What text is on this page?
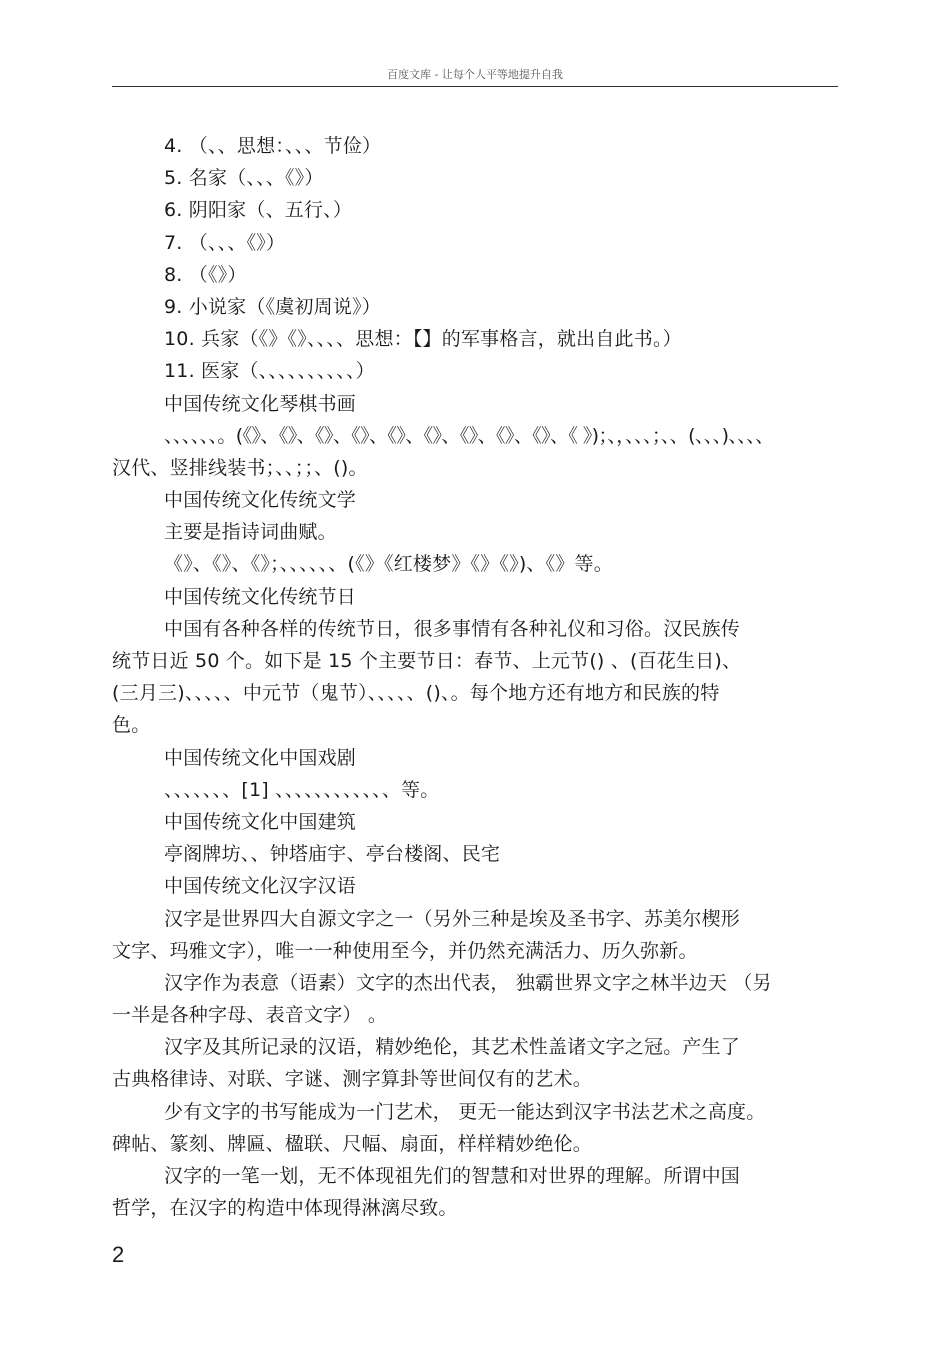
百度文库 - 让每个人平等地提升自我
4. （、、思想：、、、节俭）
5. 名家（、、、《》）
6. 阴阳家（、五行、）
7. （、、、《》）
8. （《》）
9. 小说家（《虞初周说》）
10. 兵家（《》《》、、、、思想：【】的军事格言，就出自此书。）
11. 医家（、、、、、、、、、、）
中国传统文化琴棋书画
、、、、、、。(《》、《》、《》、《》、《》、《》、《》、《》、《》、《 》)；、，、、、；、、(、、、)、、、、
汉代、竖排线装书；、、；；、()。
中国传统文化传统文学
主要是指诗词曲赋。
《》、《》、《》；、、、、、、(《》《红楼梦》《》《》)、《》等。
中国传统文化传统节日
中国有各种各样的传统节日，很多事情有各种礼仪和习俗。汉民族传
统节日近 50 个。如下是 15 个主要节日：春节、上元节() 、(百花生日)、
(三月三)、、、、、中元节（鬼节）、、、、、()、。每个地方还有地方和民族的特
色。
中国传统文化中国戏剧
、、、、、、、[1] 、、、、、、、、、、、、等。
中国传统文化中国建筑
亭阁牌坊、、钟塔庙宇、亭台楼阁、民宅
中国传统文化汉字汉语
汉字是世界四大自源文字之一（另外三种是埃及圣书字、苏美尔楔形
文字、玛雅文字），唯一一种使用至今，并仍然充满活力、历久弥新。
汉字作为表意（语素）文字的杰出代表， 独霸世界文字之林半边天 （另
一半是各种字母、表音文字） 。
汉字及其所记录的汉语，精妙绝伦，其艺术性盖诸文字之冠。产生了
古典格律诗、对联、字谜、测字算卦等世间仅有的艺术。
少有文字的书写能成为一门艺术， 更无一能达到汉字书法艺术之高度。
碑帖、篆刻、牌匾、楹联、尺幅、扇面，样样精妙绝伦。
汉字的一笔一划，无不体现祖先们的智慧和对世界的理解。所谓中国
哲学，在汉字的构造中体现得淋漓尽致。
2
